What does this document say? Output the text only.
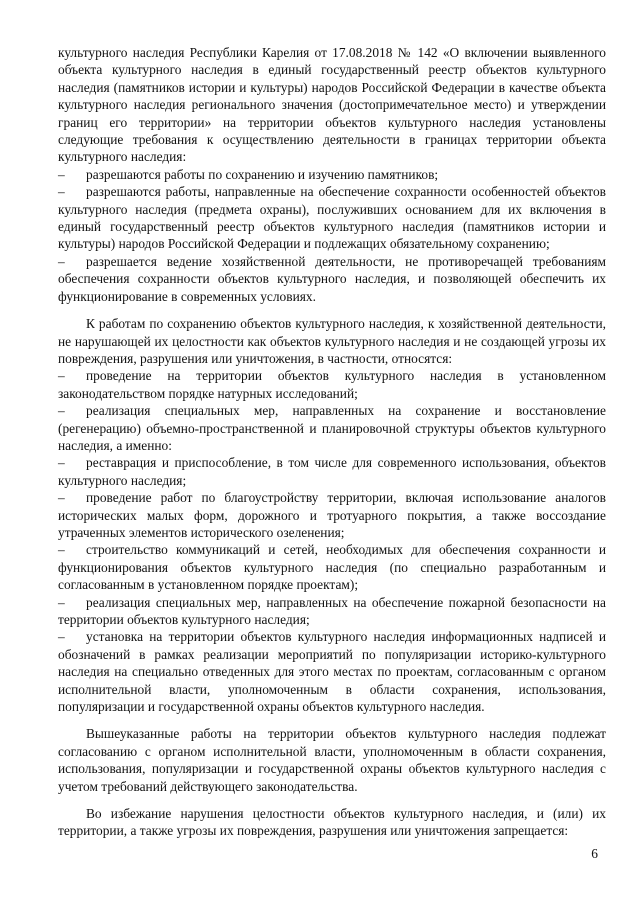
культурного наследия Республики Карелия от 17.08.2018 № 142 «О включении выявленного объекта культурного наследия в единый государственный реестр объектов культурного наследия (памятников истории и культуры) народов Российской Федерации в качестве объекта культурного наследия регионального значения (достопримечательное место) и утверждении границ его территории» на территории объектов культурного наследия установлены следующие требования к осуществлению деятельности в границах территории объекта культурного наследия:

– разрешаются работы по сохранению и изучению памятников;

– разрешаются работы, направленные на обеспечение сохранности особенностей объектов культурного наследия (предмета охраны), послуживших основанием для их включения в единый государственный реестр объектов культурного наследия (памятников истории и культуры) народов Российской Федерации и подлежащих обязательному сохранению;

– разрешается ведение хозяйственной деятельности, не противоречащей требованиям обеспечения сохранности объектов культурного наследия, и позволяющей обеспечить их функционирование в современных условиях.

К работам по сохранению объектов культурного наследия, к хозяйственной деятельности, не нарушающей их целостности как объектов культурного наследия и не создающей угрозы их повреждения, разрушения или уничтожения, в частности, относятся:

– проведение на территории объектов культурного наследия в установленном законодательством порядке натурных исследований;

– реализация специальных мер, направленных на сохранение и восстановление (регенерацию) объемно-пространственной и планировочной структуры объектов культурного наследия, а именно:

– реставрация и приспособление, в том числе для современного использования, объектов культурного наследия;

– проведение работ по благоустройству территории, включая использование аналогов исторических малых форм, дорожного и тротуарного покрытия, а также воссоздание утраченных элементов исторического озеленения;

– строительство коммуникаций и сетей, необходимых для обеспечения сохранности и функционирования объектов культурного наследия (по специально разработанным и согласованным в установленном порядке проектам);

– реализация специальных мер, направленных на обеспечение пожарной безопасности на территории объектов культурного наследия;

– установка на территории объектов культурного наследия информационных надписей и обозначений в рамках реализации мероприятий по популяризации историко-культурного наследия на специально отведенных для этого местах по проектам, согласованным с органом исполнительной власти, уполномоченным в области сохранения, использования, популяризации и государственной охраны объектов культурного наследия.

Вышеуказанные работы на территории объектов культурного наследия подлежат согласованию с органом исполнительной власти, уполномоченным в области сохранения, использования, популяризации и государственной охраны объектов культурного наследия с учетом требований действующего законодательства.

Во избежание нарушения целостности объектов культурного наследия, и (или) их территории, а также угрозы их повреждения, разрушения или уничтожения запрещается:

6
